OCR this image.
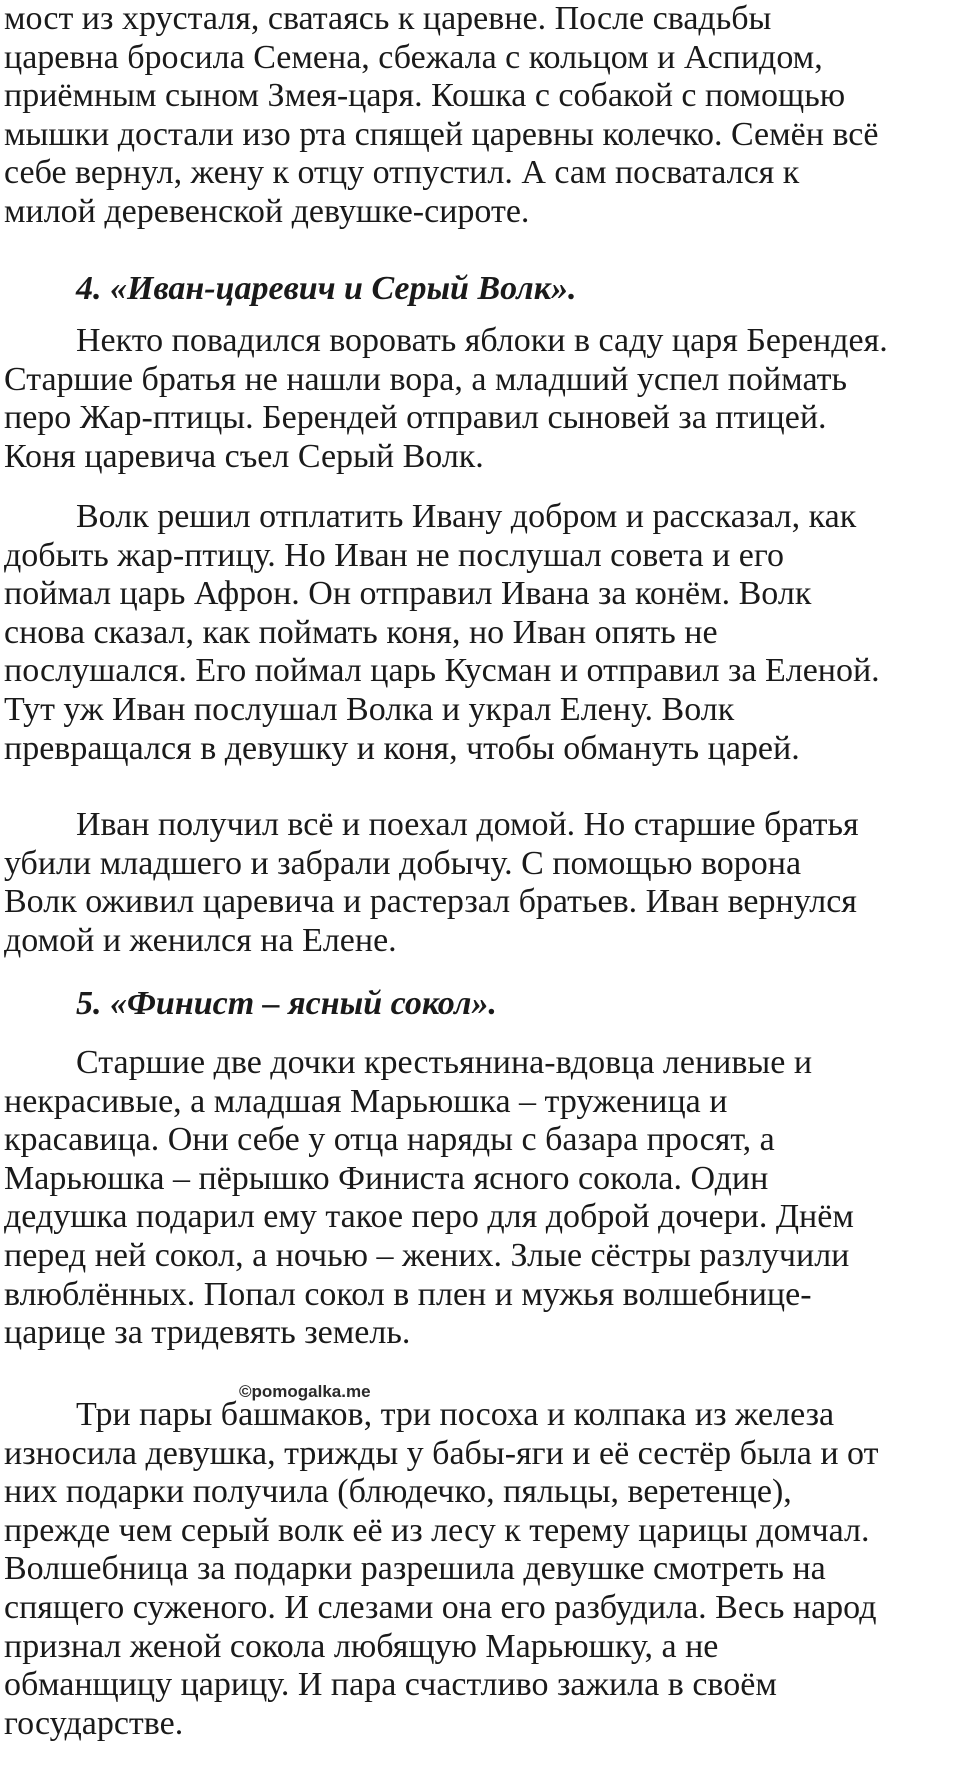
мост из хрусталя, сватаясь к царевне. После свадьбы
царевна бросила Семена, сбежала с кольцом и Аспидом,
приёмным сыном Змея-царя. Кошка с собакой с помощью
мышки достали изо рта спящей царевны колечко. Семён всё
себе вернул, жену к отцу отпустил. А сам посватался к
милой деревенской девушке-сироте.
4. «Иван-царевич и Серый Волк».
Некто повадился воровать яблоки в саду царя Берендея.
Старшие братья не нашли вора, а младший успел поймать
перо Жар-птицы. Берендей отправил сыновей за птицей.
Коня царевича съел Серый Волк.
Волк решил отплатить Ивану добром и рассказал, как
добыть жар-птицу. Но Иван не послушал совета и его
поймал царь Афрон. Он отправил Ивана за конём. Волк
снова сказал, как поймать коня, но Иван опять не
послушался. Его поймал царь Кусман и отправил за Еленой.
Тут уж Иван послушал Волка и украл Елену. Волк
превращался в девушку и коня, чтобы обмануть царей.
Иван получил всё и поехал домой. Но старшие братья
убили младшего и забрали добычу. С помощью ворона
Волк оживил царевича и растерзал братьев. Иван вернулся
домой и женился на Елене.
5. «Финист – ясный сокол».
Старшие две дочки крестьянина-вдовца ленивые и
некрасивые, а младшая Марьюшка – труженица и
красавица. Они себе у отца наряды с базара просят, а
Марьюшка – пёрышко Финиста ясного сокола. Один
дедушка подарил ему такое перо для доброй дочери. Днём
перед ней сокол, а ночью – жених. Злые сёстры разлучили
влюблённых. Попал сокол в плен и мужья волшебнице-
царице за тридевять земель.
©pomogalka.me
Три пары башмаков, три посоха и колпака из железа
износила девушка, трижды у бабы-яги и её сестёр была и от
них подарки получила (блюдечко, пяльцы, веретенце),
прежде чем серый волк её из лесу к терему царицы домчал.
Волшебница за подарки разрешила девушке смотреть на
спящего суженого. И слезами она его разбудила. Весь народ
признал женой сокола любящую Марьюшку, а не
обманщицу царицу. И пара счастливо зажила в своём
государстве.
